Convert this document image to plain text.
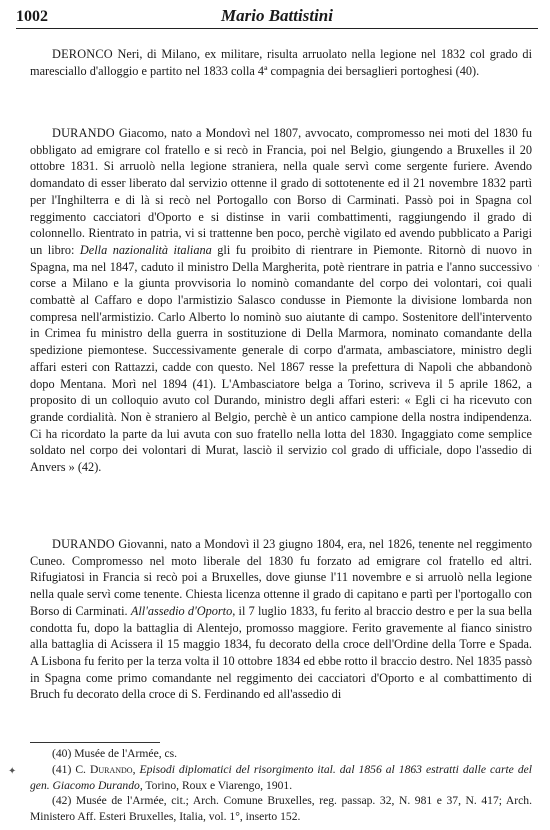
1002	Mario Battistini

DERONCO Neri, di Milano, ex militare, risulta arruolato nella legione nel 1832 col grado di maresciallo d'alloggio e partito nel 1833 colla 4ª compagnia dei bersaglieri portoghesi (40).

DURANDO Giacomo, nato a Mondovì nel 1807, avvocato, compromesso nei moti del 1830 fu obbligato ad emigrare col fratello e si recò in Francia, poi nel Belgio, giungendo a Bruxelles il 20 ottobre 1831. Si arruolò nella legione straniera, nella quale servì come sergente furiere. Avendo domandato di esser liberato dal servizio ottenne il grado di sottotenente ed il 21 novembre 1832 partì per l'Inghilterra e di là si recò nel Portogallo con Borso di Carminati. Passò poi in Spagna col reggimento cacciatori d'Oporto e si distinse in varii combattimenti, raggiungendo il grado di colonnello. Rientrato in patria, vi si trattenne ben poco, perchè vigilato ed avendo pubblicato a Parigi un libro: Della nazionalità italiana gli fu proibito di rientrare in Piemonte. Ritornò di nuovo in Spagna, ma nel 1847, caduto il ministro Della Margherita, potè rientrare in patria e l'anno successivo corse a Milano e la giunta provvisoria lo nominò comandante del corpo dei volontari, coi quali combattè al Caffaro e dopo l'armistizio Salasco condusse in Piemonte la divisione lombarda non compresa nell'armistizio. Carlo Alberto lo nominò suo aiutante di campo. Sostenitore dell'intervento in Crimea fu ministro della guerra in sostituzione di Della Marmora, nominato comandante della spedizione piemontese. Successivamente generale di corpo d'armata, ambasciatore, ministro degli affari esteri con Rattazzi, cadde con questo. Nel 1867 resse la prefettura di Napoli che abbandonò dopo Mentana. Morì nel 1894 (41). L'Ambasciatore belga a Torino, scriveva il 5 aprile 1862, a proposito di un colloquio avuto col Durando, ministro degli affari esteri: « Egli ci ha ricevuto con grande cordialità. Non è straniero al Belgio, perchè è un antico campione della nostra indipendenza. Ci ha ricordato la parte da lui avuta con suo fratello nella lotta del 1830. Ingaggiato come semplice soldato nel corpo dei volontari di Murat, lasciò il servizio col grado di ufficiale, dopo l'assedio di Anvers » (42).

DURANDO Giovanni, nato a Mondovì il 23 giugno 1804, era, nel 1826, tenente nel reggimento Cuneo. Compromesso nel moto liberale del 1830 fu forzato ad emigrare col fratello ed altri. Rifugiatosi in Francia si recò poi a Bruxelles, dove giunse l'11 novembre e si arruolò nella legione nella quale servì come tenente. Chiesta licenza ottenne il grado di capitano e partì per l'portogallo con Borso di Carminati. All'assedio d'Oporto, il 7 luglio 1833, fu ferito al braccio destro e per la sua bella condotta fu, dopo la battaglia di Alentejo, promosso maggiore. Ferito gravemente al fianco sinistro alla battaglia di Acissera il 15 maggio 1834, fu decorato della croce dell'Ordine della Torre e Spada. A Lisbona fu ferito per la terza volta il 10 ottobre 1834 ed ebbe rotto il braccio destro. Nel 1835 passò in Spagna come primo comandante nel reggimento dei cacciatori d'Oporto e al combattimento di Bruch fu decorato della croce di S. Ferdinando ed all'assedio di

(40) Musée de l'Armée, cs.
(41) C. Durando, Episodi diplomatici del risorgimento ital. dal 1856 al 1863 estratti dalle carte del gen. Giacomo Durando, Torino, Roux e Viarengo, 1901.
(42) Musée de l'Armée, cit.; Arch. Comune Bruxelles, reg. passap. 32, N. 981 e 37, N. 417; Arch. Ministero Aff. Esteri Bruxelles, Italia, vol. 1°, inserto 152.
ˈ
✦
